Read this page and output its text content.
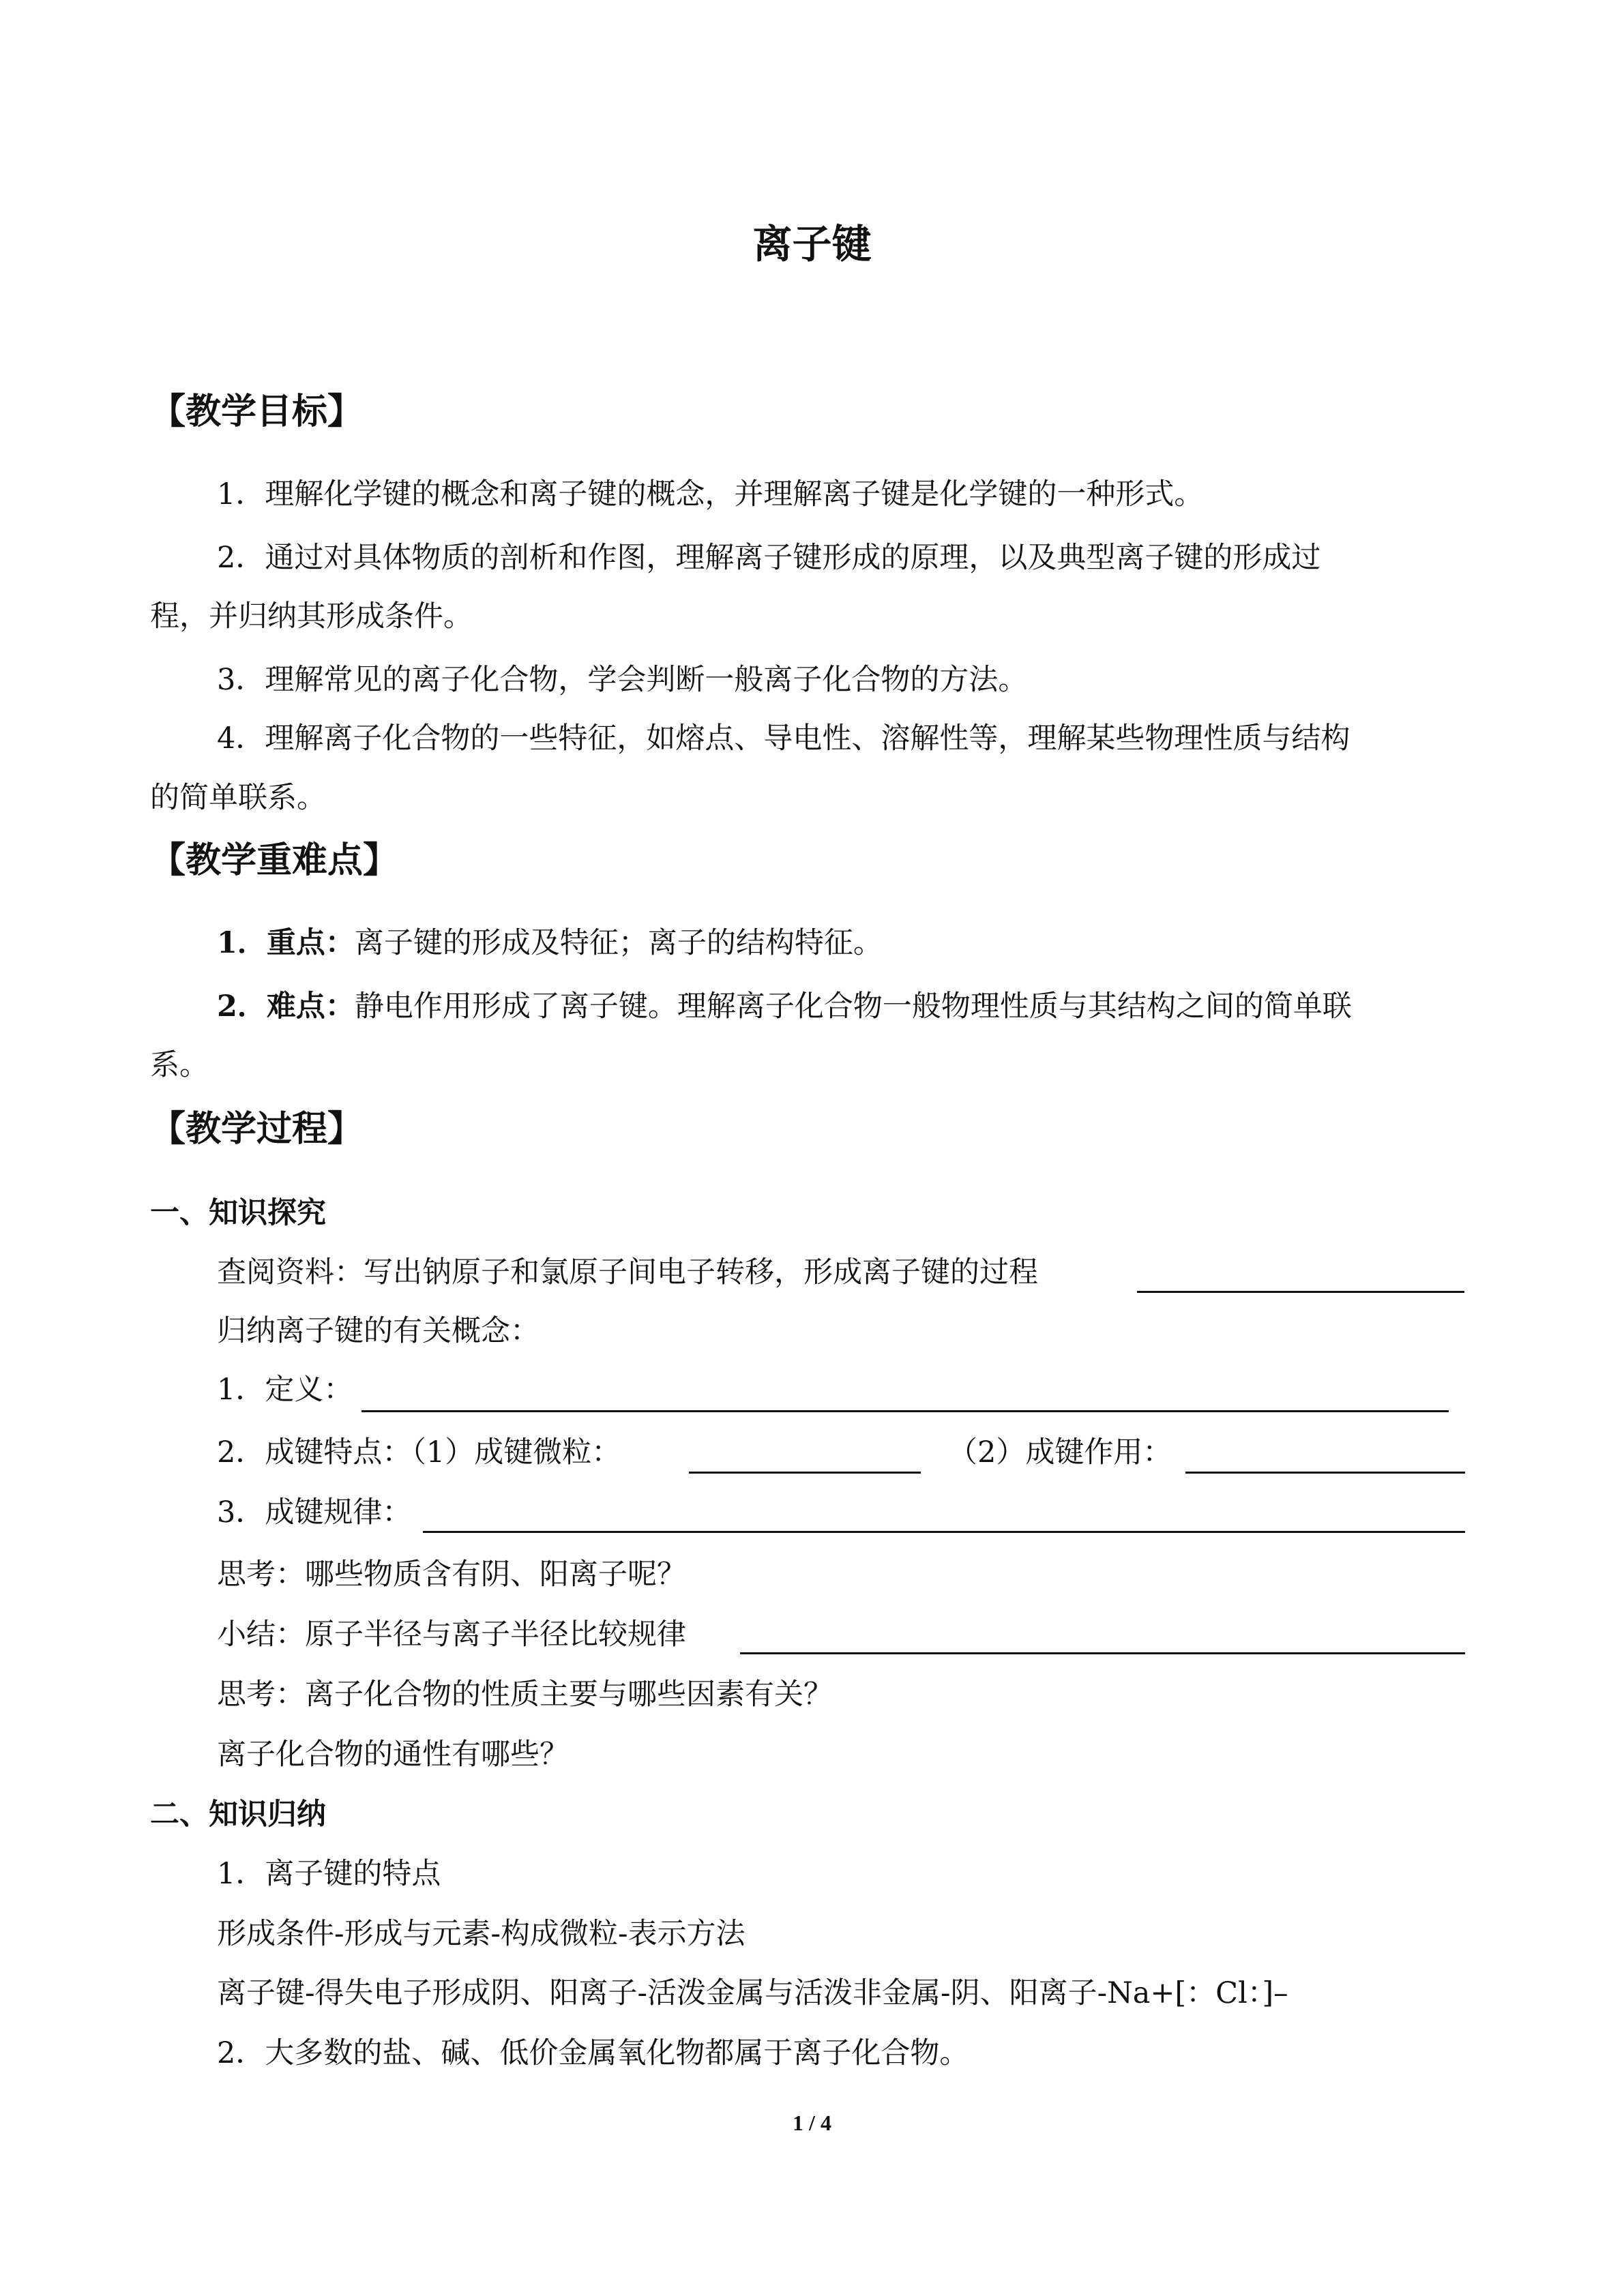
离子键
【教学目标】
1．理解化学键的概念和离子键的概念，并理解离子键是化学键的一种形式。
2．通过对具体物质的剖析和作图，理解离子键形成的原理，以及典型离子键的形成过
程，并归纳其形成条件。
3．理解常见的离子化合物，学会判断一般离子化合物的方法。
4．理解离子化合物的一些特征，如熔点、导电性、溶解性等，理解某些物理性质与结构
的简单联系。
【教学重难点】
1．重点：离子键的形成及特征；离子的结构特征。
2．难点：静电作用形成了离子键。理解离子化合物一般物理性质与其结构之间的简单联
系。
【教学过程】
一、知识探究
查阅资料：写出钠原子和氯原子间电子转移，形成离子键的过程
归纳离子键的有关概念：
1．定义：
2．成键特点：（1）成键微粒：	（2）成键作用：
3．成键规律：
思考：哪些物质含有阴、阳离子呢？
小结：原子半径与离子半径比较规律
思考：离子化合物的性质主要与哪些因素有关？
离子化合物的通性有哪些？
二、知识归纳
1．离子键的特点
形成条件-形成与元素-构成微粒-表示方法
离子键-得失电子形成阴、阳离子-活泼金属与活泼非金属-阴、阳离子-Na+[：Cl：]–
2．大多数的盐、碱、低价金属氧化物都属于离子化合物。
1 / 4
